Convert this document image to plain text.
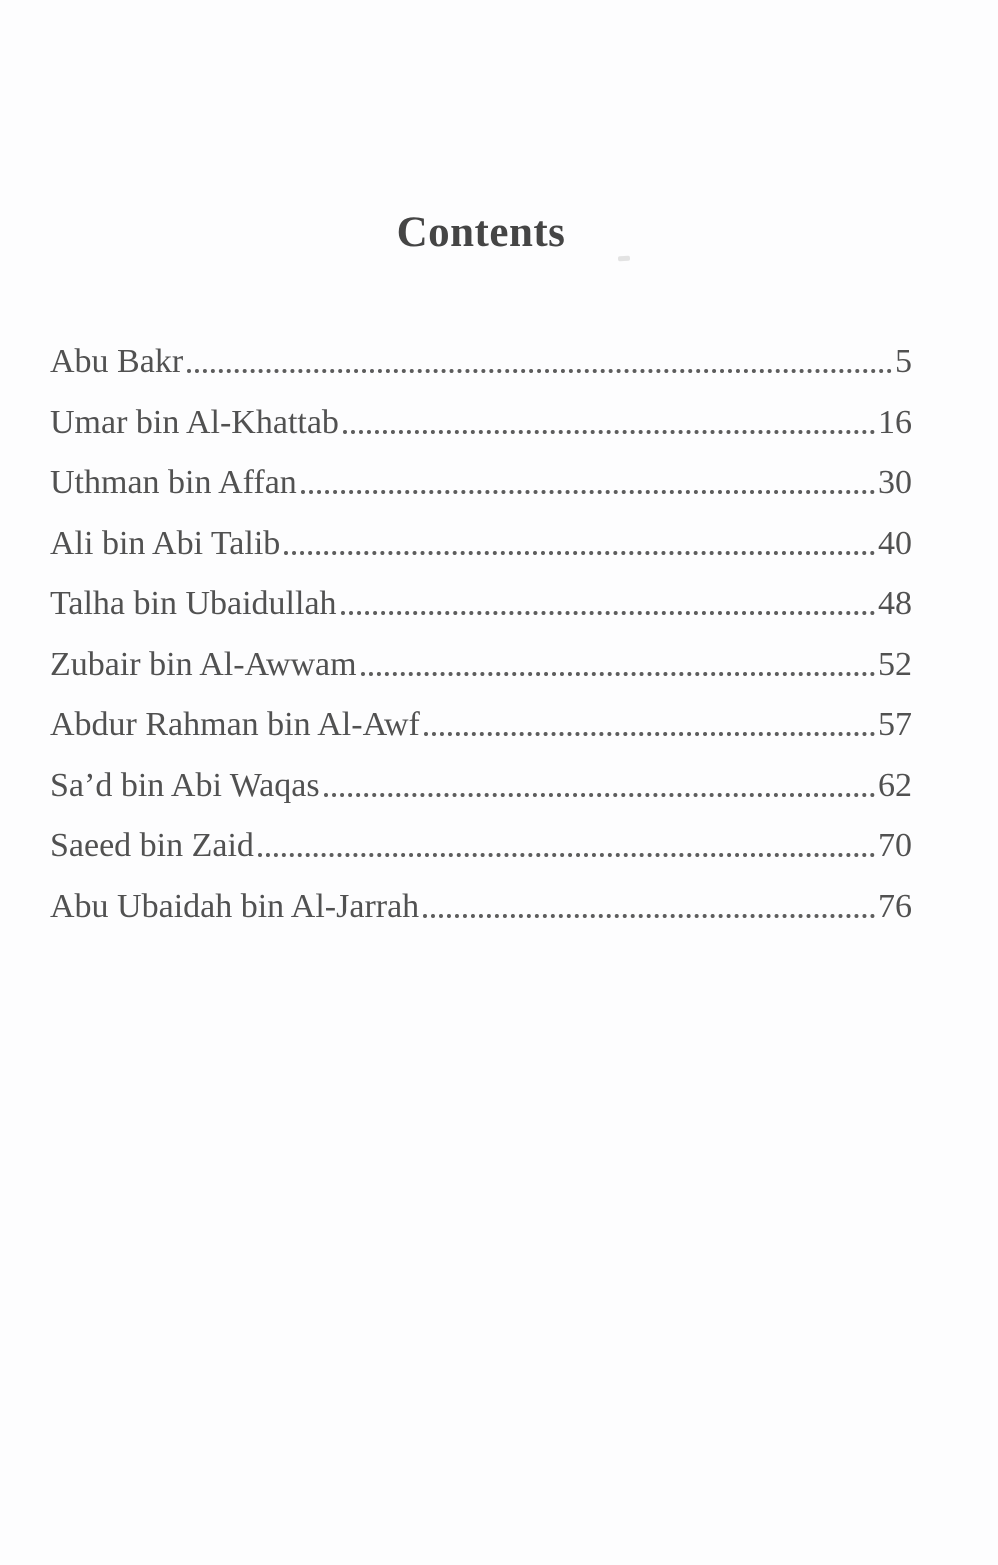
Contents
Abu Bakr	5
Umar bin Al-Khattab	16
Uthman bin Affan	30
Ali bin Abi Talib	40
Talha bin Ubaidullah	48
Zubair bin Al-Awwam	52
Abdur Rahman bin Al-Awf	57
Sa’d bin Abi Waqas	62
Saeed bin Zaid	70
Abu Ubaidah bin Al-Jarrah	76
